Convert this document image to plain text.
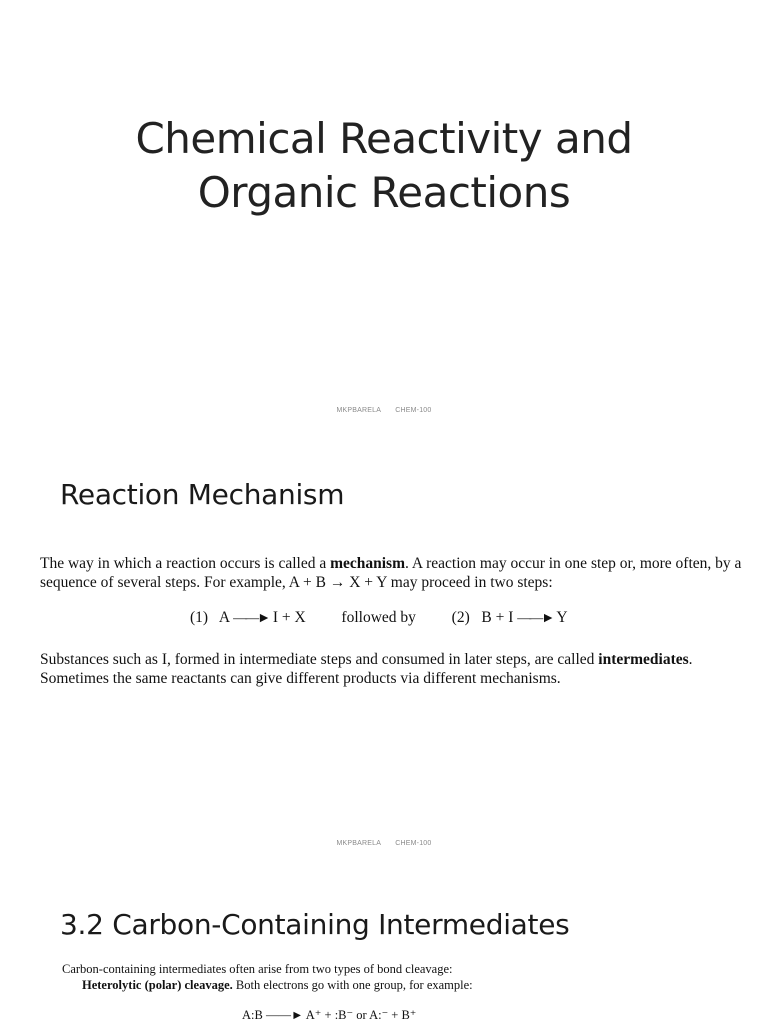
Chemical Reactivity and
Organic Reactions
MKPBARELA CHEM-100
Reaction Mechanism

The way in which a reaction occurs is called a mechanism. A reaction may occur in one step or, more often, by a sequence of several steps. For example, A + B → X + Y may proceed in two steps:

(1) A ——► I + X followed by (2) B + I ——► Y

Substances such as I, formed in intermediate steps and consumed in later steps, are called intermediates. Sometimes the same reactants can give different products via different mechanisms.

MKPBARELA CHEM-100
3.2 Carbon-Containing Intermediates

Carbon-containing intermediates often arise from two types of bond cleavage:
Heterolytic (polar) cleavage. Both electrons go with one group, for example:

A:B ——► A⁺ + :B⁻ or A:⁻ + B⁺
